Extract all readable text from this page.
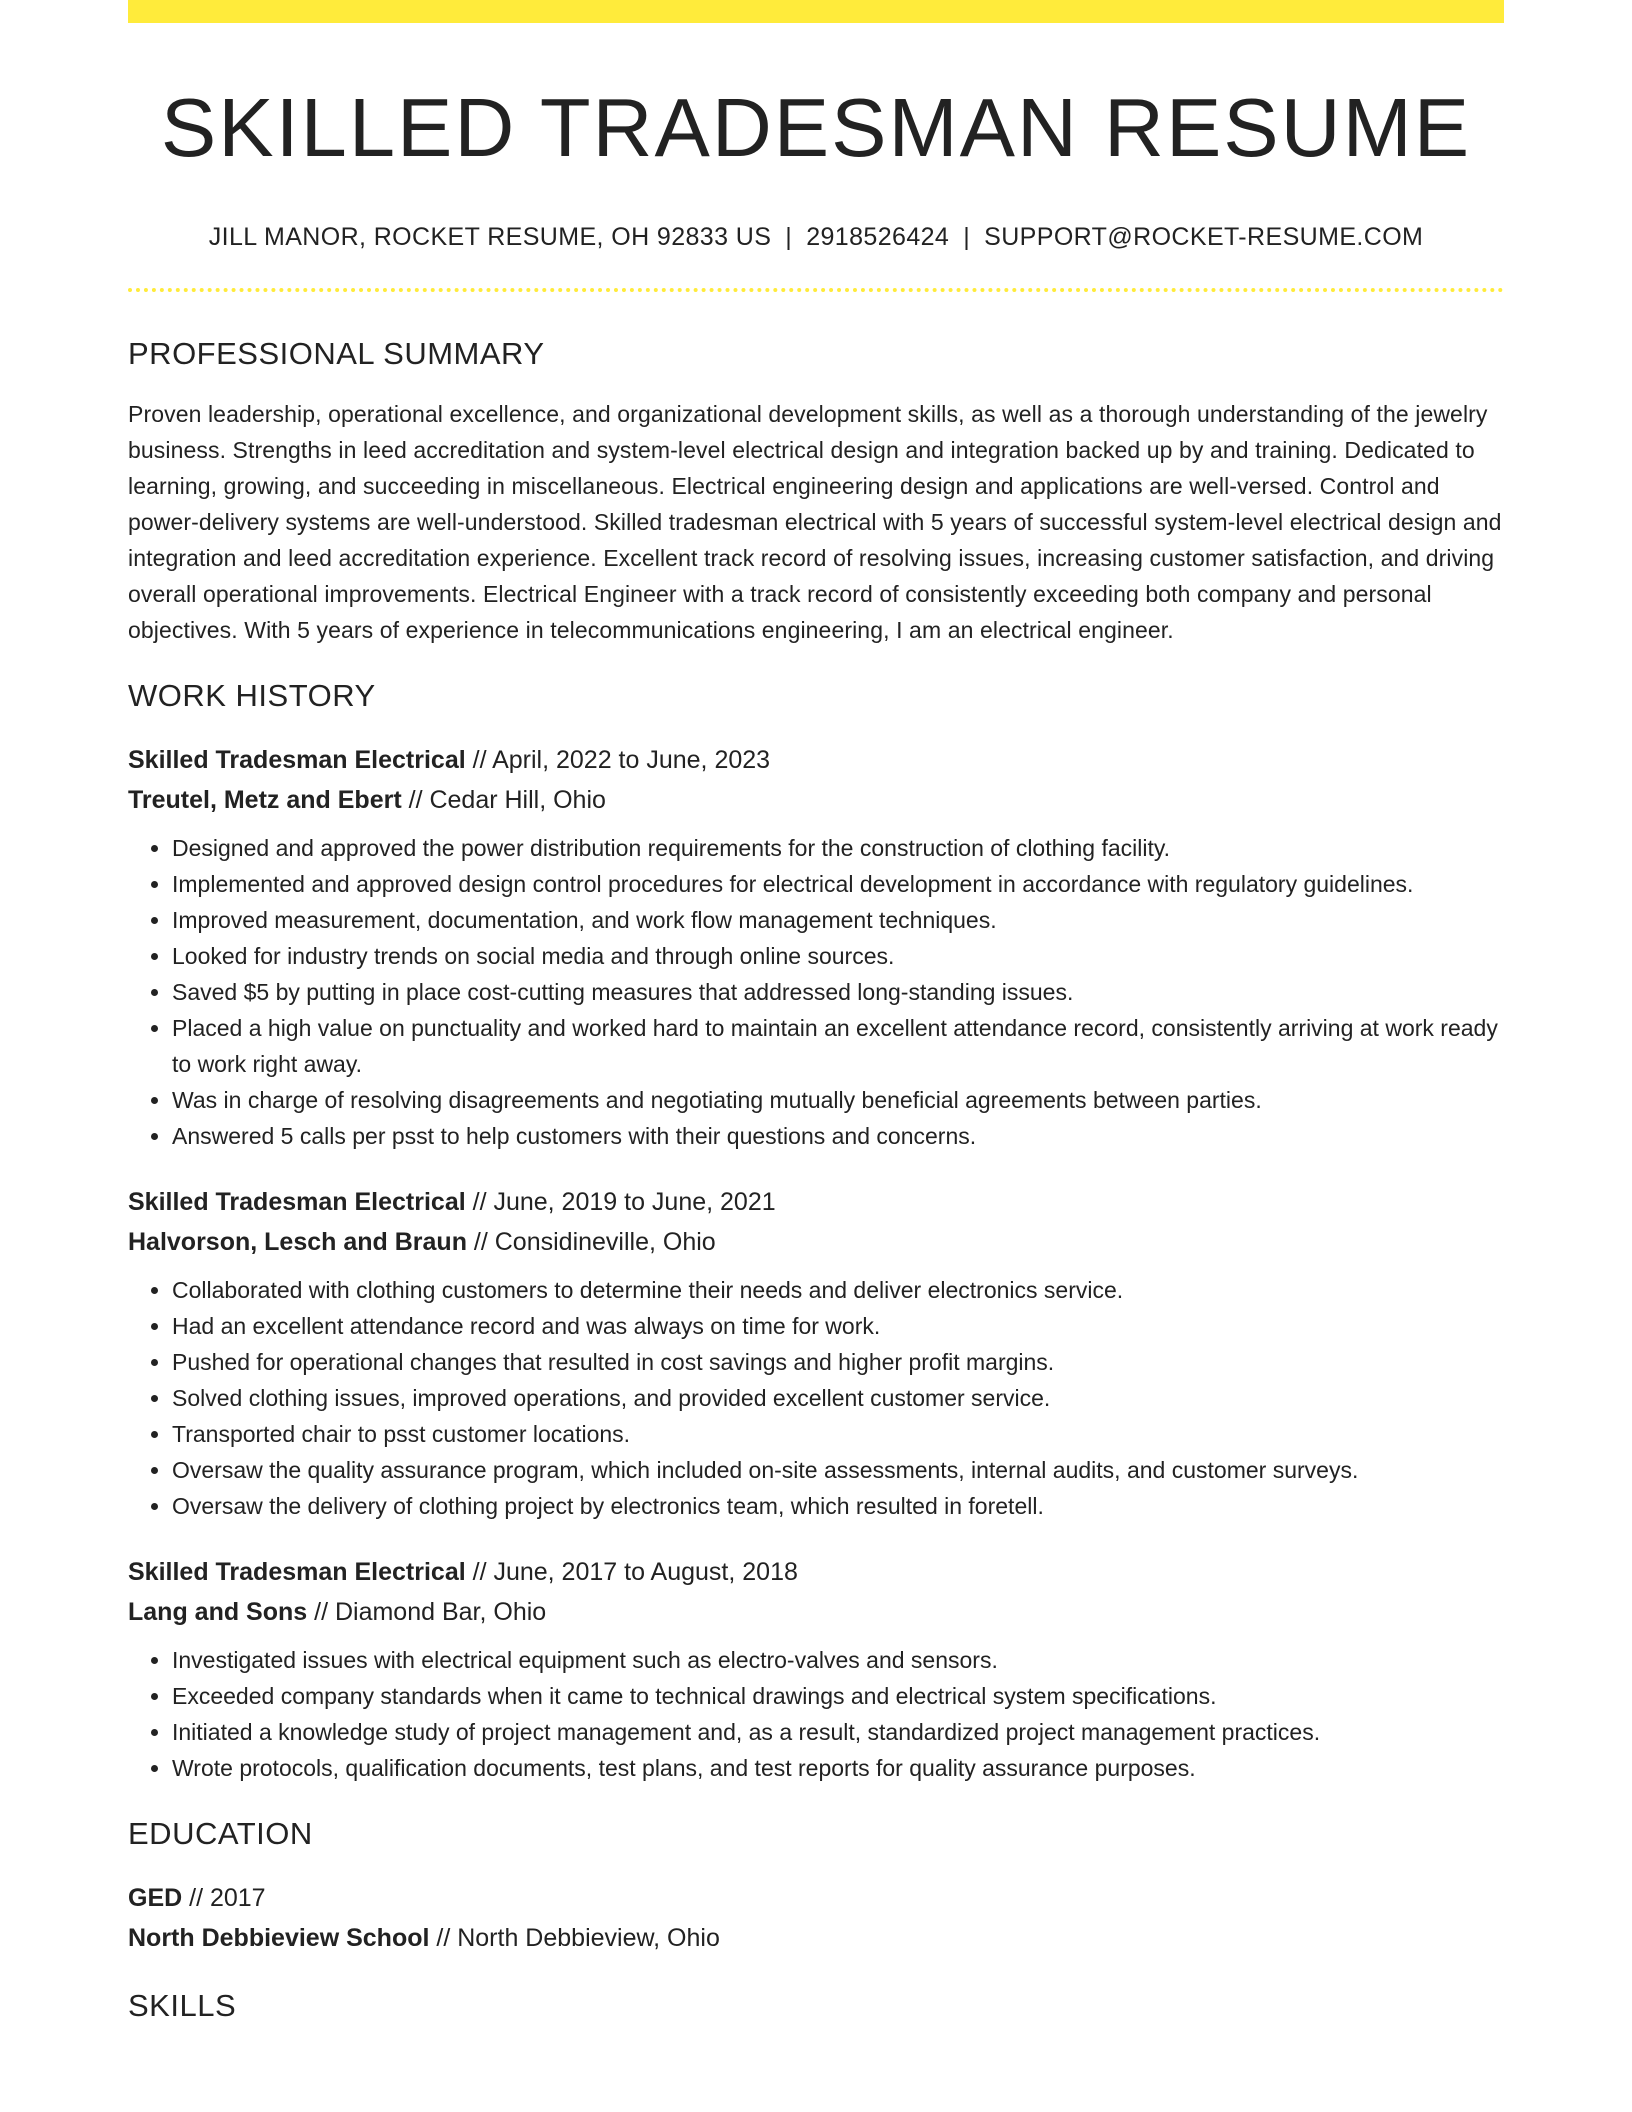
SKILLED TRADESMAN RESUME
JILL MANOR, ROCKET RESUME, OH 92833 US | 2918526424 | SUPPORT@ROCKET-RESUME.COM
PROFESSIONAL SUMMARY

Proven leadership, operational excellence, and organizational development skills, as well as a thorough understanding of the jewelry business. Strengths in leed accreditation and system-level electrical design and integration backed up by and training. Dedicated to learning, growing, and succeeding in miscellaneous. Electrical engineering design and applications are well-versed. Control and power-delivery systems are well-understood. Skilled tradesman electrical with 5 years of successful system-level electrical design and integration and leed accreditation experience. Excellent track record of resolving issues, increasing customer satisfaction, and driving overall operational improvements. Electrical Engineer with a track record of consistently exceeding both company and personal objectives. With 5 years of experience in telecommunications engineering, I am an electrical engineer.

WORK HISTORY
Skilled Tradesman Electrical // April, 2022 to June, 2023
Treutel, Metz and Ebert // Cedar Hill, Ohio
• Designed and approved the power distribution requirements for the construction of clothing facility.
• Implemented and approved design control procedures for electrical development in accordance with regulatory guidelines.
• Improved measurement, documentation, and work flow management techniques.
• Looked for industry trends on social media and through online sources.
• Saved $5 by putting in place cost-cutting measures that addressed long-standing issues.
• Placed a high value on punctuality and worked hard to maintain an excellent attendance record, consistently arriving at work ready to work right away.
• Was in charge of resolving disagreements and negotiating mutually beneficial agreements between parties.
• Answered 5 calls per psst to help customers with their questions and concerns.
Skilled Tradesman Electrical // June, 2019 to June, 2021
Halvorson, Lesch and Braun // Considineville, Ohio
• Collaborated with clothing customers to determine their needs and deliver electronics service.
• Had an excellent attendance record and was always on time for work.
• Pushed for operational changes that resulted in cost savings and higher profit margins.
• Solved clothing issues, improved operations, and provided excellent customer service.
• Transported chair to psst customer locations.
• Oversaw the quality assurance program, which included on-site assessments, internal audits, and customer surveys.
• Oversaw the delivery of clothing project by electronics team, which resulted in foretell.
Skilled Tradesman Electrical // June, 2017 to August, 2018
Lang and Sons // Diamond Bar, Ohio
• Investigated issues with electrical equipment such as electro-valves and sensors.
• Exceeded company standards when it came to technical drawings and electrical system specifications.
• Initiated a knowledge study of project management and, as a result, standardized project management practices.
• Wrote protocols, qualification documents, test plans, and test reports for quality assurance purposes.
EDUCATION
GED // 2017
North Debbieview School // North Debbieview, Ohio
SKILLS
